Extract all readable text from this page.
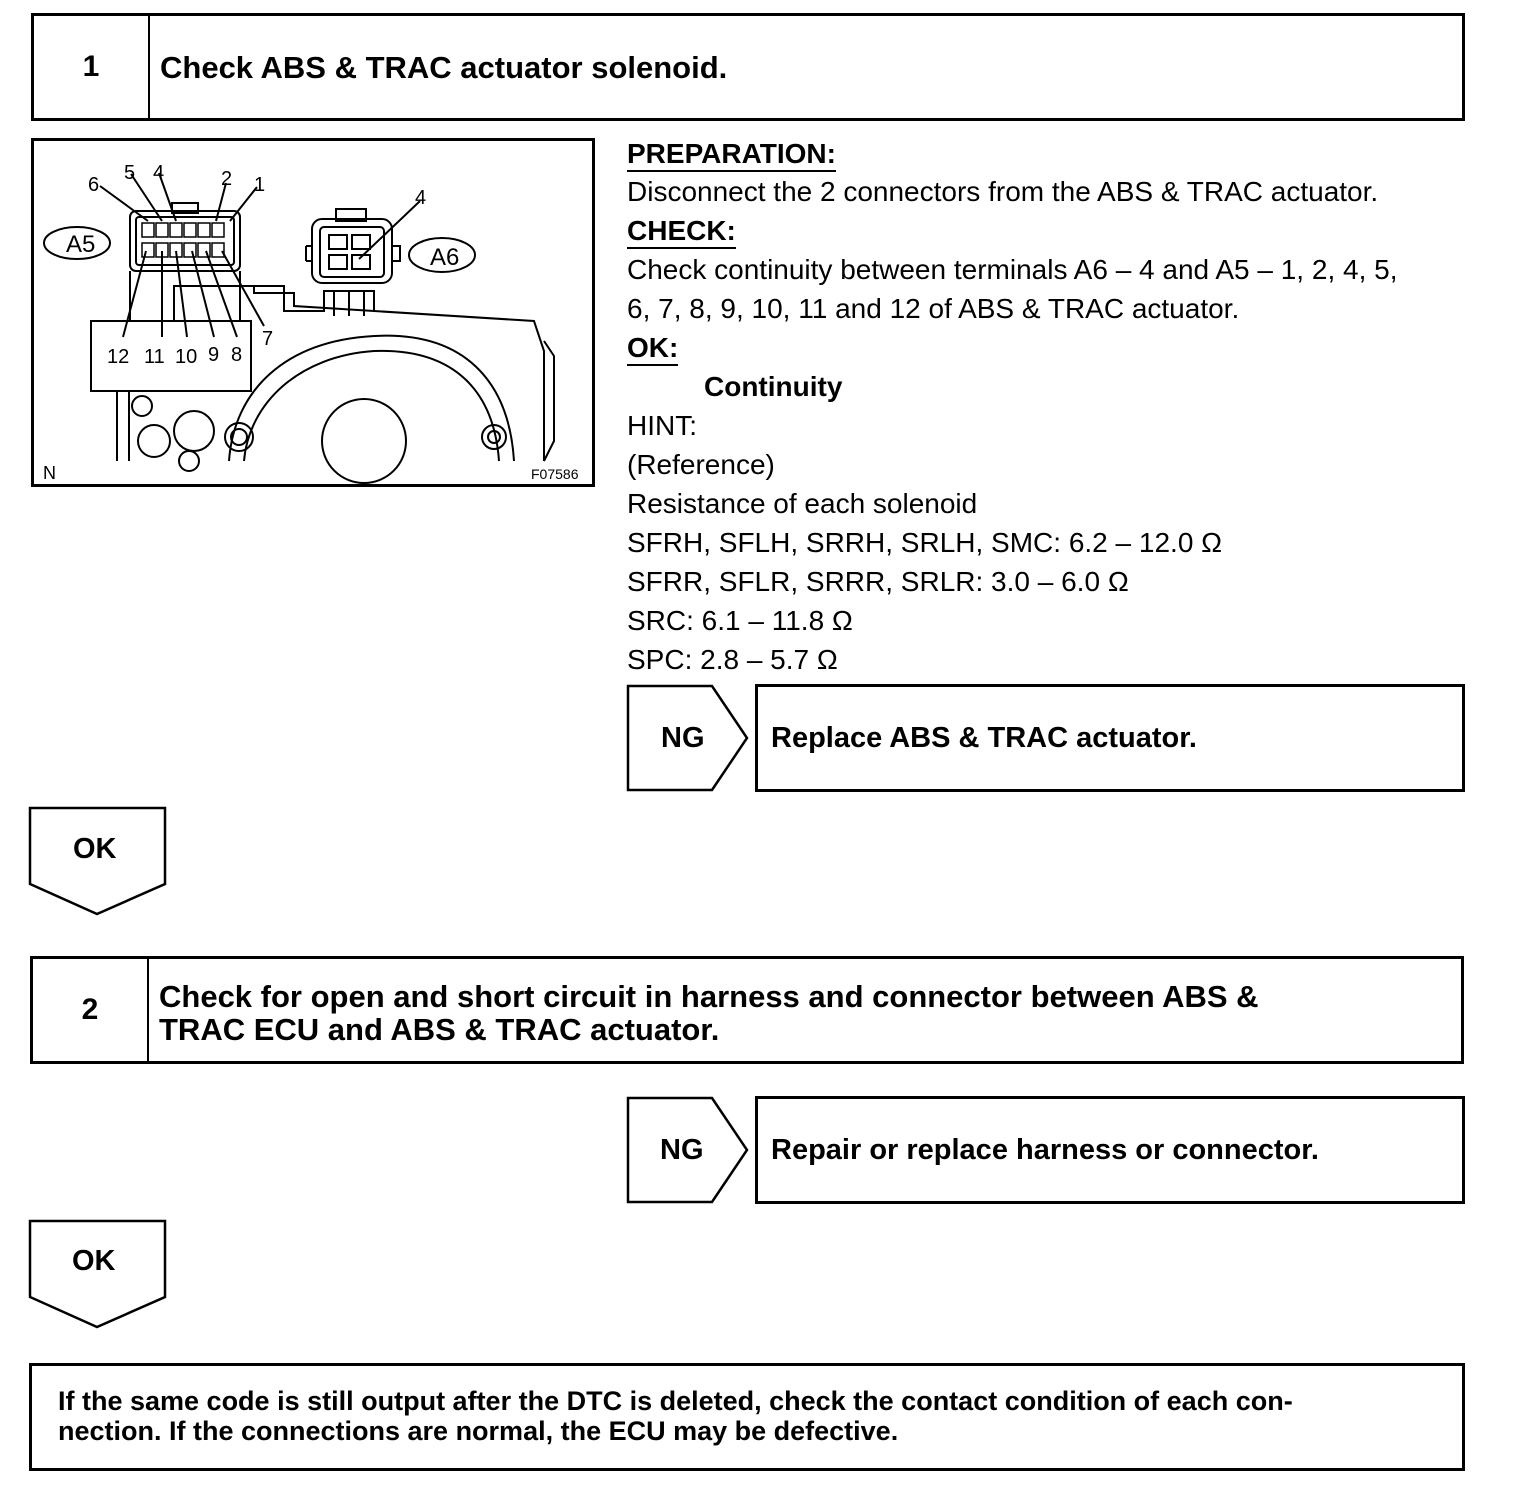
1	Check ABS & TRAC actuator solenoid.
A5	A6
6
5 4	2 1
4
12 11 10 9 8
7
N	F07586
PREPARATION:
Disconnect the 2 connectors from the ABS & TRAC actuator.
CHECK:
Check continuity between terminals A6 – 4 and A5 – 1, 2, 4, 5,
6, 7, 8, 9, 10, 11 and 12 of ABS & TRAC actuator.
OK:
Continuity
HINT:
(Reference)
Resistance of each solenoid
SFRH, SFLH, SRRH, SRLH, SMC: 6.2 – 12.0 Ω
SFRR, SFLR, SRRR, SRLR: 3.0 – 6.0 Ω
SRC: 6.1 – 11.8 Ω
SPC: 2.8 – 5.7 Ω
NG Replace ABS & TRAC actuator.
OK
2	Check for open and short circuit in harness and connector between ABS &
TRAC ECU and ABS & TRAC actuator.
NG Repair or replace harness or connector.
OK
If the same code is still output after the DTC is deleted, check the contact condition of each con-
nection. If the connections are normal, the ECU may be defective.
